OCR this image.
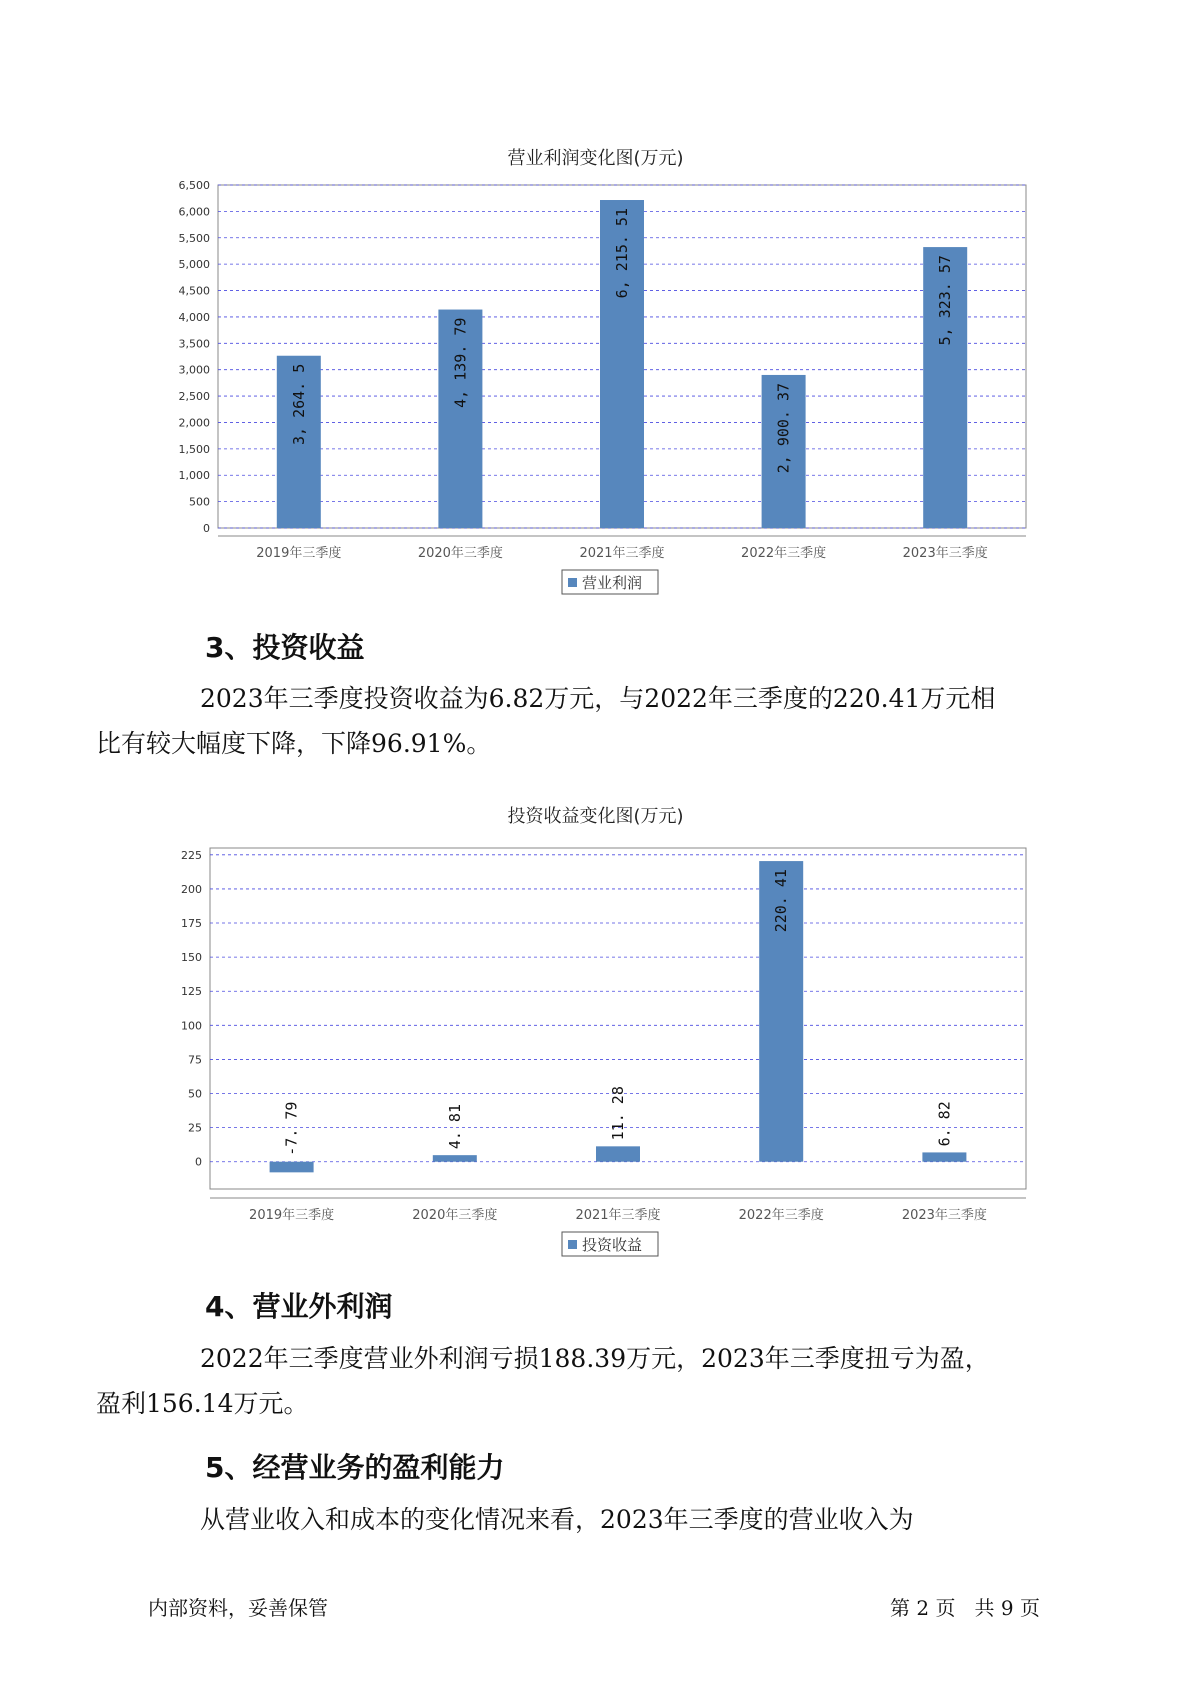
营业利润变化图(万元)
0
500
1,000
1,500
2,000
2,500
3,000
3,500
4,000
4,500
5,000
5,500
6,000
6,500
2019年三季度
3, 264. 5
2020年三季度
4, 139. 79
2021年三季度
6, 215. 51
2022年三季度
2, 900. 37
2023年三季度
5, 323. 57
营业利润
3、投资收益

2023年三季度投资收益为6.82万元，与2022年三季度的220.41万元相
比有较大幅度下降，下降96.91%。

投资收益变化图(万元)
0
25
50
75
100
125
150
175
200
225
2019年三季度
-7. 79
2020年三季度
4. 81
2021年三季度
11. 28
2022年三季度
220. 41
2023年三季度
6. 82
投资收益
4、营业外利润

2022年三季度营业外利润亏损188.39万元，2023年三季度扭亏为盈，
盈利156.14万元。

5、经营业务的盈利能力

从营业收入和成本的变化情况来看，2023年三季度的营业收入为

内部资料，妥善保管	第 2 页   共 9 页
